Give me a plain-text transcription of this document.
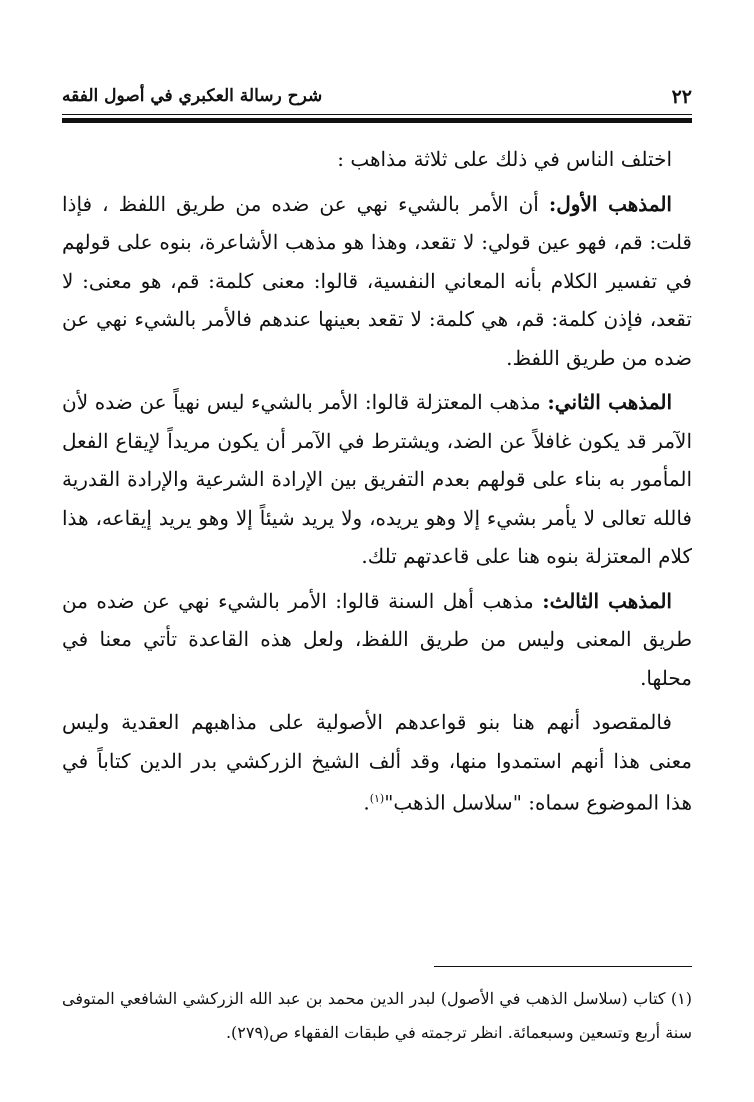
٢٢
شرح رسالة العكبري في أصول الفقه

اختلف الناس في ذلك على ثلاثة مذاهب :

المذهب الأول: أن الأمر بالشيء نهي عن ضده من طريق اللفظ ، فإذا قلت: قم، فهو عين قولي: لا تقعد، وهذا هو مذهب الأشاعرة، بنوه على قولهم في تفسير الكلام بأنه المعاني النفسية، قالوا: معنى كلمة: قم، هو معنى: لا تقعد، فإذن كلمة: قم، هي كلمة: لا تقعد بعينها عندهم فالأمر بالشيء نهي عن ضده من طريق اللفظ.

المذهب الثاني: مذهب المعتزلة قالوا: الأمر بالشيء ليس نهياً عن ضده لأن الآمر قد يكون غافلاً عن الضد، ويشترط في الآمر أن يكون مريداً لإيقاع الفعل المأمور به بناء على قولهم بعدم التفريق بين الإرادة الشرعية والإرادة القدرية فالله تعالى لا يأمر بشيء إلا وهو يريده، ولا يريد شيئاً إلا وهو يريد إيقاعه، هذا كلام المعتزلة بنوه هنا على قاعدتهم تلك.

المذهب الثالث: مذهب أهل السنة قالوا: الأمر بالشيء نهي عن ضده من طريق المعنى وليس من طريق اللفظ، ولعل هذه القاعدة تأتي معنا في محلها.

فالمقصود أنهم هنا بنو قواعدهم الأصولية على مذاهبهم العقدية وليس معنى هذا أنهم استمدوا منها، وقد ألف الشيخ الزركشي بدر الدين كتاباً في هذا الموضوع سماه: "سلاسل الذهب"$^{(١)}$.

(١) كتاب (سلاسل الذهب في الأصول) لبدر الدين محمد بن عبد الله الزركشي الشافعي المتوفى سنة أربع وتسعين وسبعمائة. انظر ترجمته في طبقات الفقهاء ص(٢٧٩).
